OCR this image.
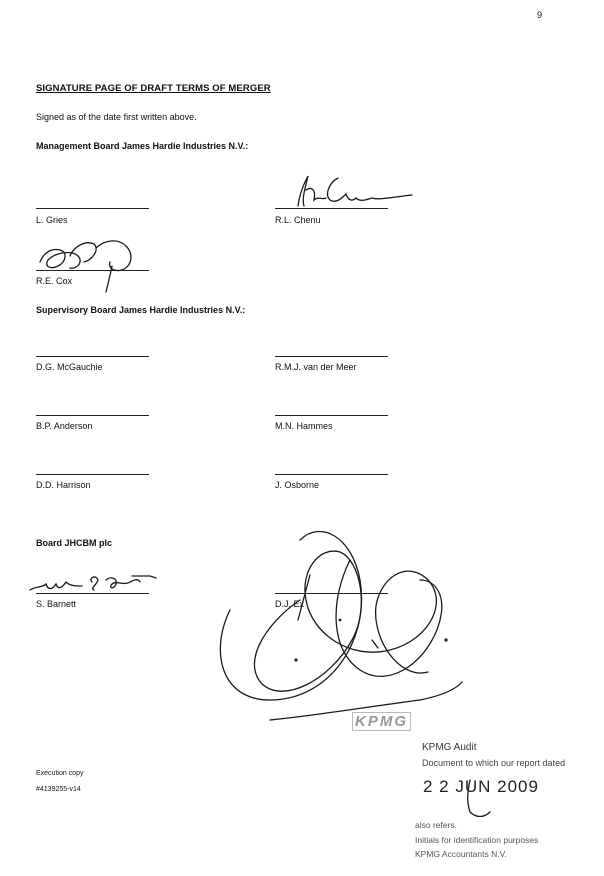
9
SIGNATURE PAGE OF DRAFT TERMS OF MERGER
Signed as of the date first written above.
Management Board James Hardie Industries N.V.:
L. Gries	R.L. Chenu
R.E. Cox
Supervisory Board James Hardie Industries N.V.:
D.G. McGauchie	R.M.J. van der Meer
B.P. Anderson	M.N. Hammes
D.D. Harrison	J. Osborne
Board JHCBM plc
S. Barnett	D.J. Ex
Execution copy
#4139255-v14
KPMG
KPMG Audit
Document to which our report dated
2 2 JUN 2009
also refers.
Initials for identification purposes
KPMG Accountants N.V.
